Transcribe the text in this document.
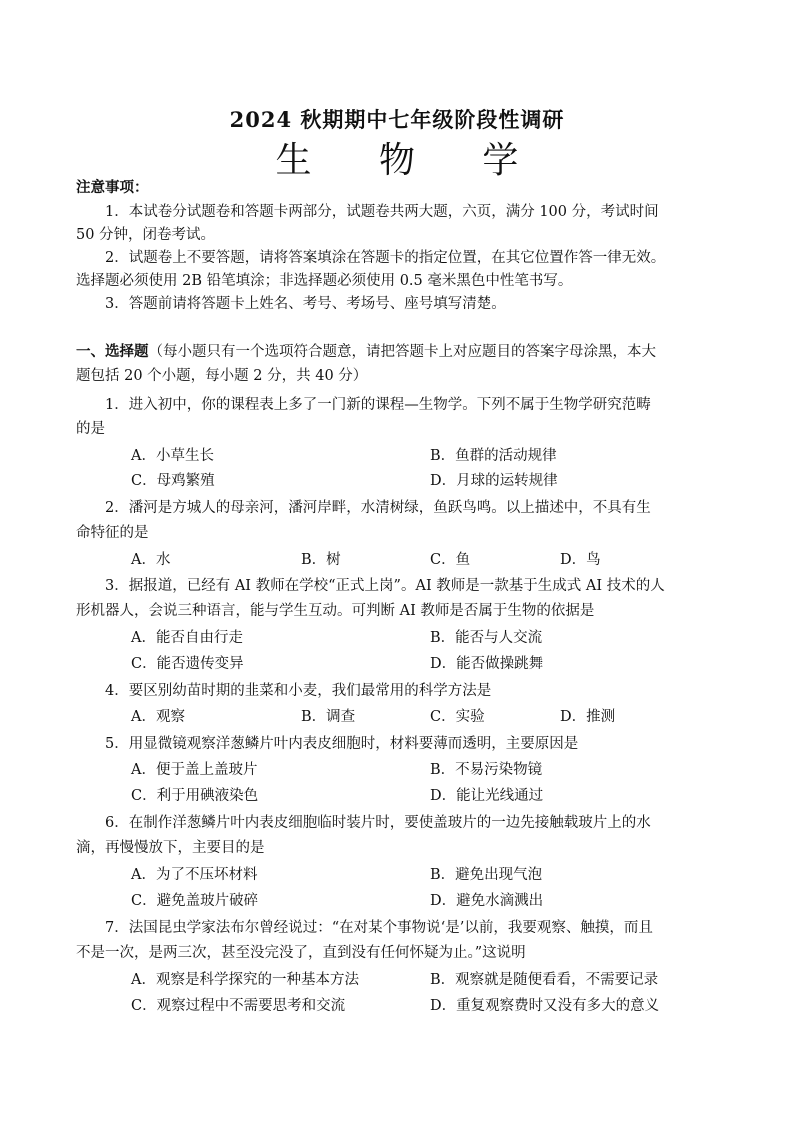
2024 秋期期中七年级阶段性调研
生 物 学
注意事项：
1．本试卷分试题卷和答题卡两部分，试题卷共两大题，六页，满分 100 分，考试时间
50 分钟，闭卷考试。
2．试题卷上不要答题，请将答案填涂在答题卡的指定位置，在其它位置作答一律无效。
选择题必须使用 2B 铅笔填涂；非选择题必须使用 0.5 毫米黑色中性笔书写。
3．答题前请将答题卡上姓名、考号、考场号、座号填写清楚。
一、选择题（每小题只有一个选项符合题意，请把答题卡上对应题目的答案字母涂黑，本大
题包括 20 个小题，每小题 2 分，共 40 分）
1．进入初中，你的课程表上多了一门新的课程—生物学。下列不属于生物学研究范畴
的是
A．小草生长	B．鱼群的活动规律
C．母鸡繁殖	D．月球的运转规律
2．潘河是方城人的母亲河，潘河岸畔，水清树绿，鱼跃鸟鸣。以上描述中，不具有生
命特征的是
A．水	B．树	C．鱼	D．鸟
3．据报道，已经有 AI 教师在学校“正式上岗”。AI 教师是一款基于生成式 AI 技术的人
形机器人，会说三种语言，能与学生互动。可判断 AI 教师是否属于生物的依据是
A．能否自由行走	B．能否与人交流
C．能否遗传变异	D．能否做操跳舞
4．要区别幼苗时期的韭菜和小麦，我们最常用的科学方法是
A．观察	B．调查	C．实验	D．推测
5．用显微镜观察洋葱鳞片叶内表皮细胞时，材料要薄而透明，主要原因是
A．便于盖上盖玻片	B．不易污染物镜
C．利于用碘液染色	D．能让光线通过
6．在制作洋葱鳞片叶内表皮细胞临时装片时，要使盖玻片的一边先接触载玻片上的水
滴，再慢慢放下，主要目的是
A．为了不压坏材料	B．避免出现气泡
C．避免盖玻片破碎	D．避免水滴溅出
7．法国昆虫学家法布尔曾经说过：“在对某个事物说‘是’以前，我要观察、触摸，而且
不是一次，是两三次，甚至没完没了，直到没有任何怀疑为止。”这说明
A．观察是科学探究的一种基本方法	B．观察就是随便看看，不需要记录
C．观察过程中不需要思考和交流	D．重复观察费时又没有多大的意义
